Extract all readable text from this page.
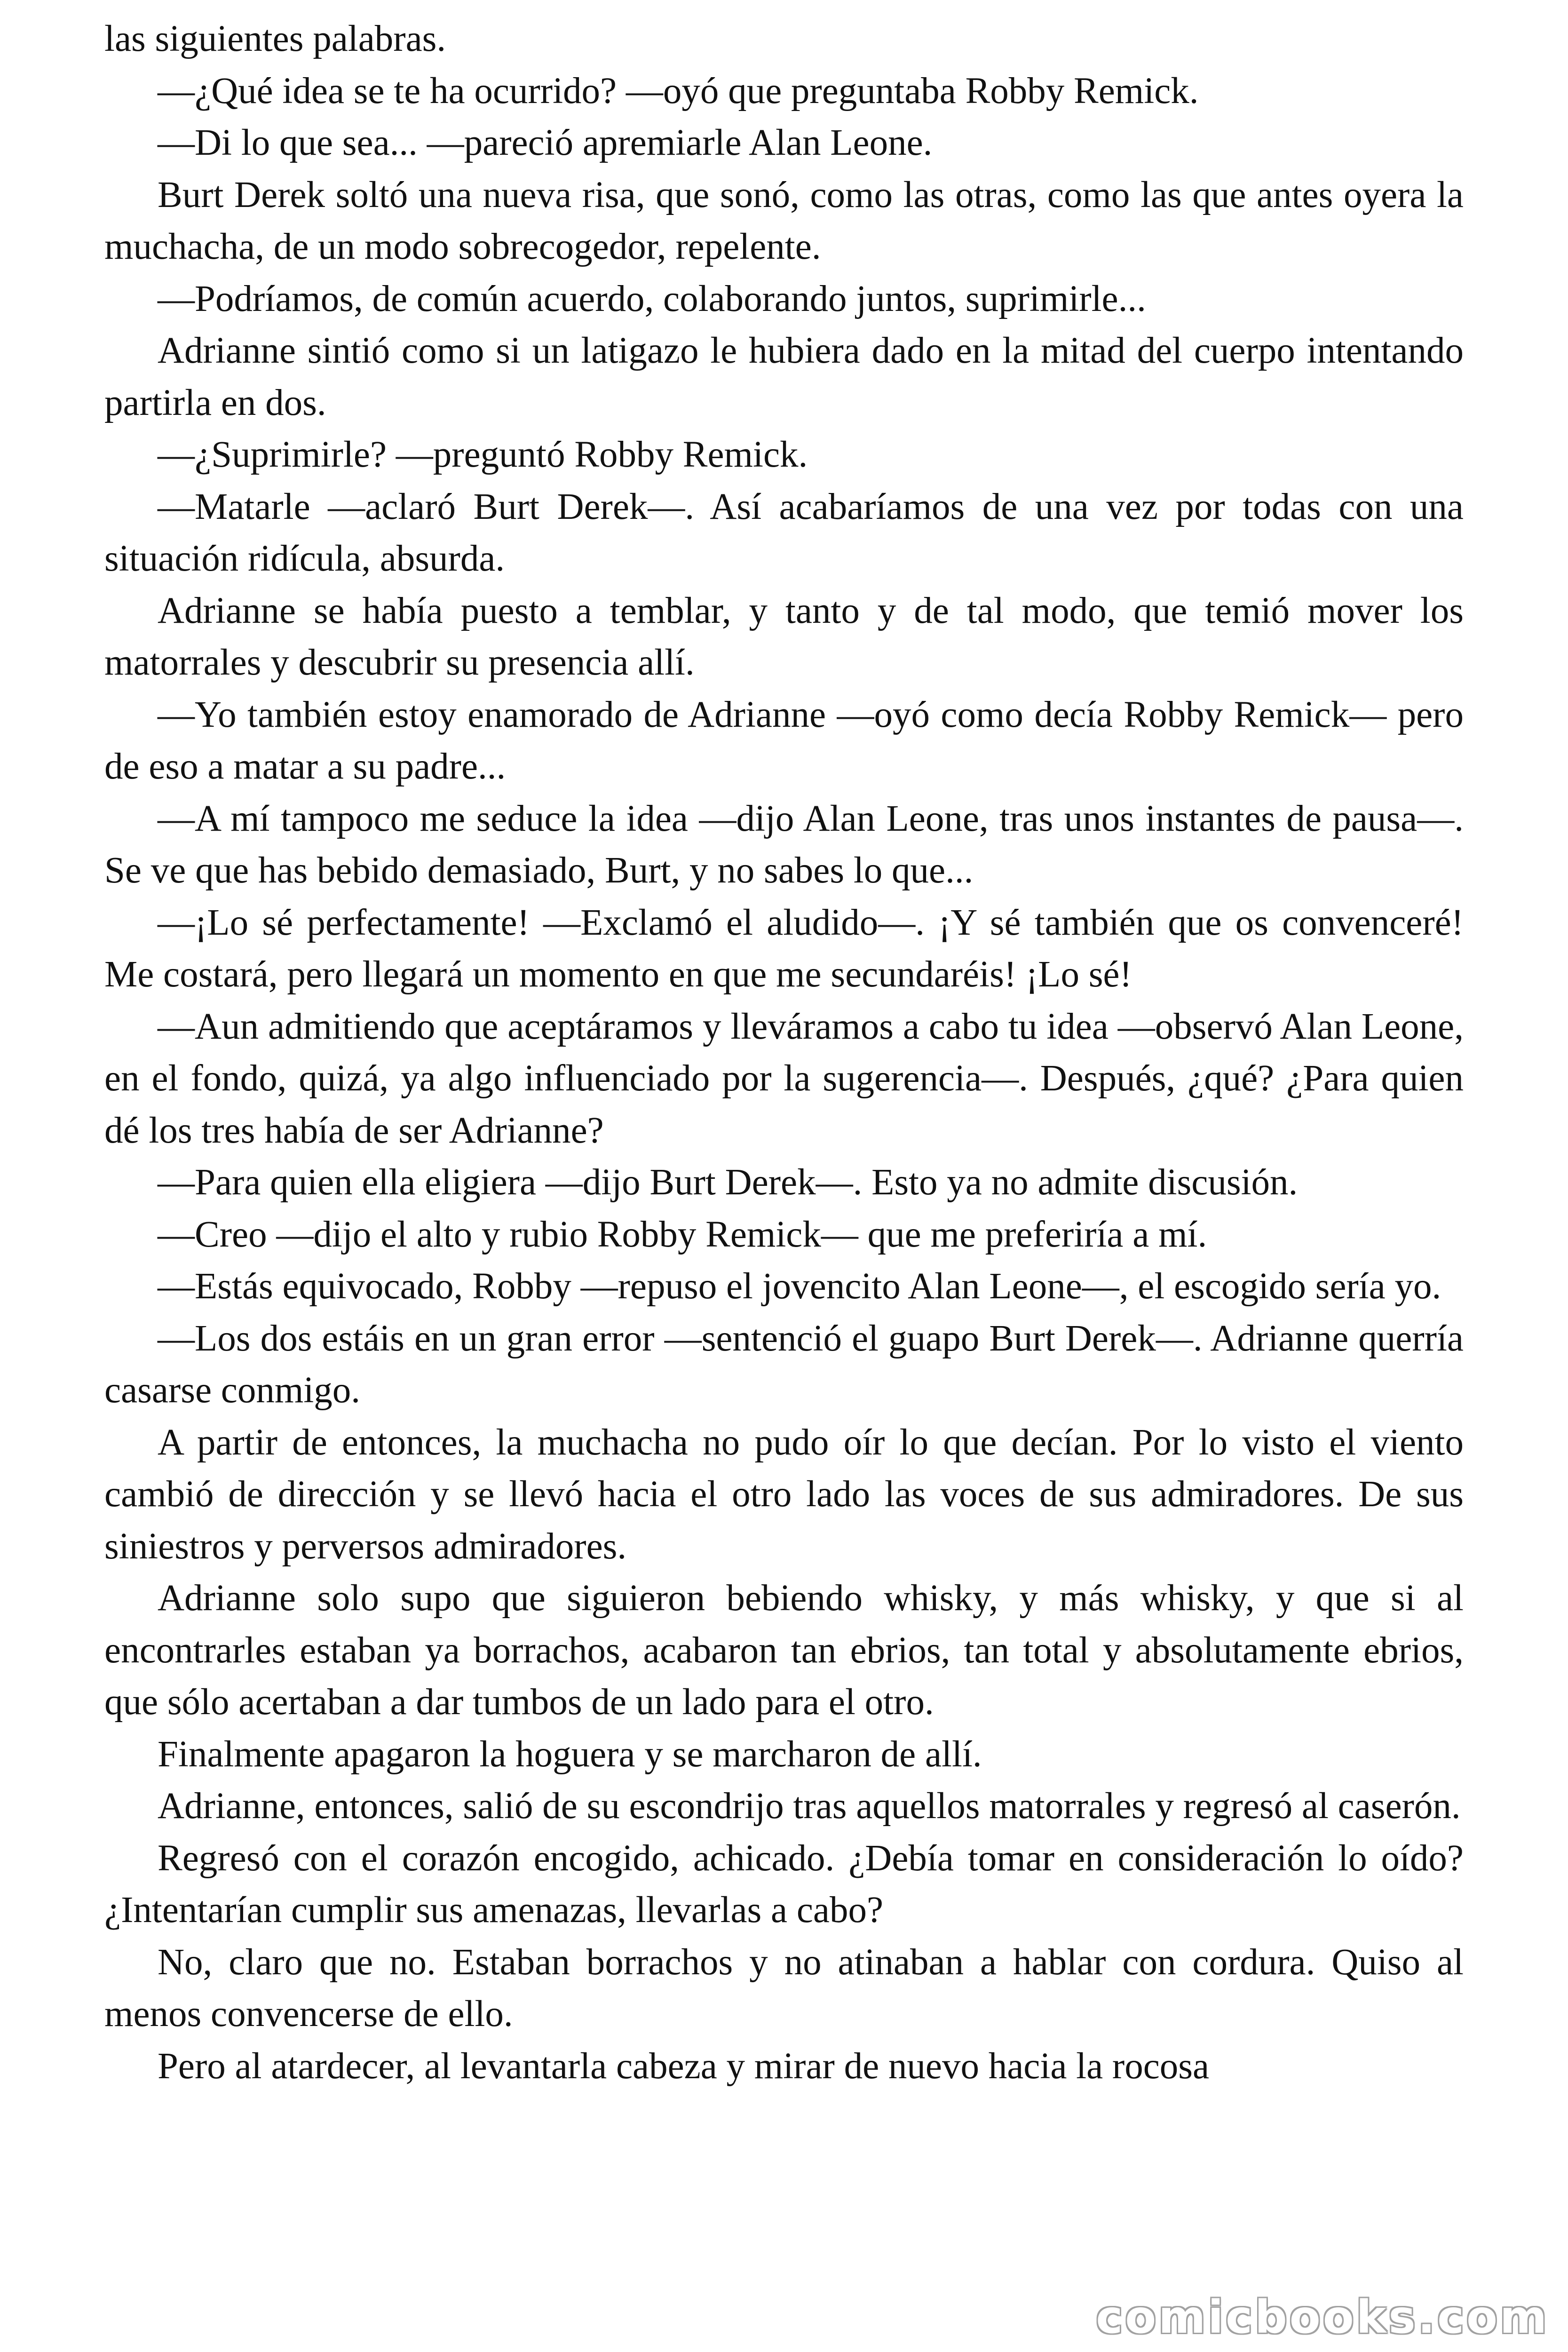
las siguientes palabras.

—¿Qué idea se te ha ocurrido? —oyó que preguntaba Robby Remick.

—Di lo que sea... —pareció apremiarle Alan Leone.

Burt Derek soltó una nueva risa, que sonó, como las otras, como las que antes oyera la muchacha, de un modo sobrecogedor, repelente.

—Podríamos, de común acuerdo, colaborando juntos, suprimirle...

Adrianne sintió como si un latigazo le hubiera dado en la mitad del cuerpo intentando partirla en dos.

—¿Suprimirle? —preguntó Robby Remick.

—Matarle —aclaró Burt Derek—. Así acabaríamos de una vez por todas con una situación ridícula, absurda.

Adrianne se había puesto a temblar, y tanto y de tal modo, que temió mover los matorrales y descubrir su presencia allí.

—Yo también estoy enamorado de Adrianne —oyó como decía Robby Remick— pero de eso a matar a su padre...

—A mí tampoco me seduce la idea —dijo Alan Leone, tras unos instantes de pausa—. Se ve que has bebido demasiado, Burt, y no sabes lo que...

—¡Lo sé perfectamente! —Exclamó el aludido—. ¡Y sé también que os convenceré! Me costará, pero llegará un momento en que me secundaréis! ¡Lo sé!

—Aun admitiendo que aceptáramos y lleváramos a cabo tu idea —observó Alan Leone, en el fondo, quizá, ya algo influenciado por la sugerencia—. Después, ¿qué? ¿Para quien dé los tres había de ser Adrianne?

—Para quien ella eligiera —dijo Burt Derek—. Esto ya no admite discusión.

—Creo —dijo el alto y rubio Robby Remick— que me preferiría a mí.

—Estás equivocado, Robby —repuso el jovencito Alan Leone—, el escogido sería yo.

—Los dos estáis en un gran error —sentenció el guapo Burt Derek—. Adrianne querría casarse conmigo.

A partir de entonces, la muchacha no pudo oír lo que decían. Por lo visto el viento cambió de dirección y se llevó hacia el otro lado las voces de sus admiradores. De sus siniestros y perversos admiradores.

Adrianne solo supo que siguieron bebiendo whisky, y más whisky, y que si al encontrarles estaban ya borrachos, acabaron tan ebrios, tan total y absolutamente ebrios, que sólo acertaban a dar tumbos de un lado para el otro.

Finalmente apagaron la hoguera y se marcharon de allí.

Adrianne, entonces, salió de su escondrijo tras aquellos matorrales y regresó al caserón.

Regresó con el corazón encogido, achicado. ¿Debía tomar en consideración lo oído? ¿Intentarían cumplir sus amenazas, llevarlas a cabo?

No, claro que no. Estaban borrachos y no atinaban a hablar con cordura. Quiso al menos convencerse de ello.

Pero al atardecer, al levantarla cabeza y mirar de nuevo hacia la rocosa

comicbooks.com
